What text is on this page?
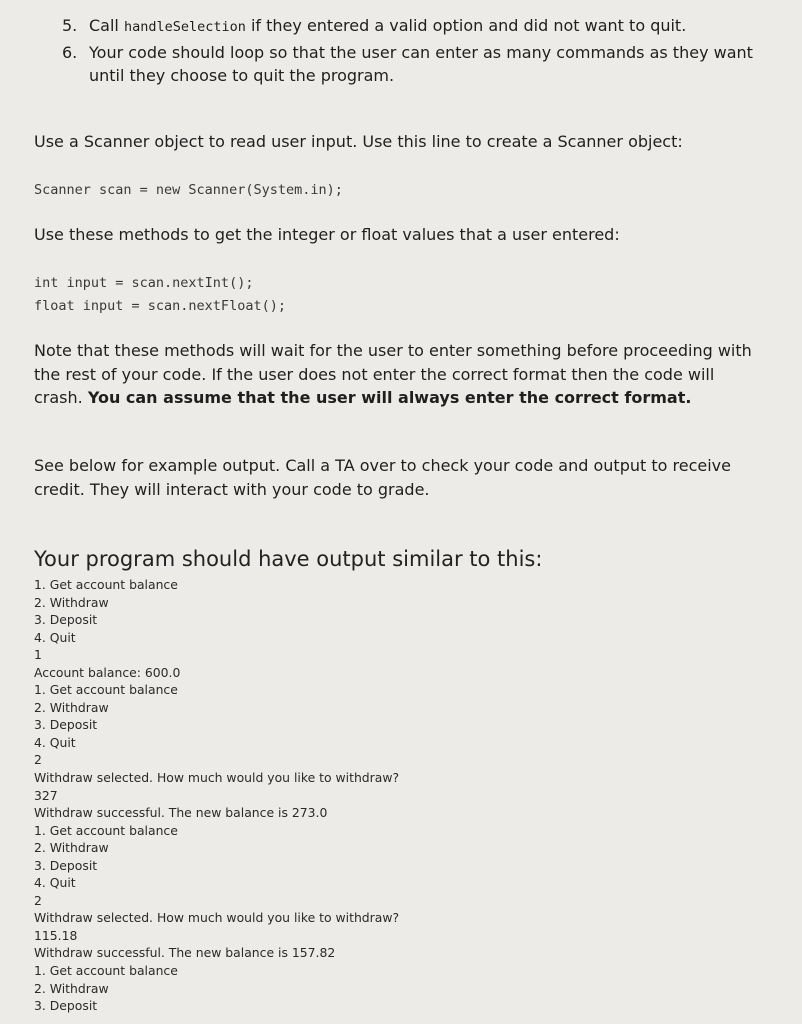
5. Call handleSelection if they entered a valid option and did not want to quit.
6. Your code should loop so that the user can enter as many commands as they want until they choose to quit the program.

Use a Scanner object to read user input. Use this line to create a Scanner object:

Scanner scan = new Scanner(System.in);

Use these methods to get the integer or float values that a user entered:

int input = scan.nextInt();

float input = scan.nextFloat();

Note that these methods will wait for the user to enter something before proceeding with the rest of your code. If the user does not enter the correct format then the code will crash. You can assume that the user will always enter the correct format.

See below for example output. Call a TA over to check your code and output to receive credit. They will interact with your code to grade.

Your program should have output similar to this:

1. Get account balance
2. Withdraw
3. Deposit
4. Quit
1
Account balance: 600.0
1. Get account balance
2. Withdraw
3. Deposit
4. Quit
2
Withdraw selected. How much would you like to withdraw?
327
Withdraw successful. The new balance is 273.0
1. Get account balance
2. Withdraw
3. Deposit
4. Quit
2
Withdraw selected. How much would you like to withdraw?
115.18
Withdraw successful. The new balance is 157.82
1. Get account balance
2. Withdraw
3. Deposit
